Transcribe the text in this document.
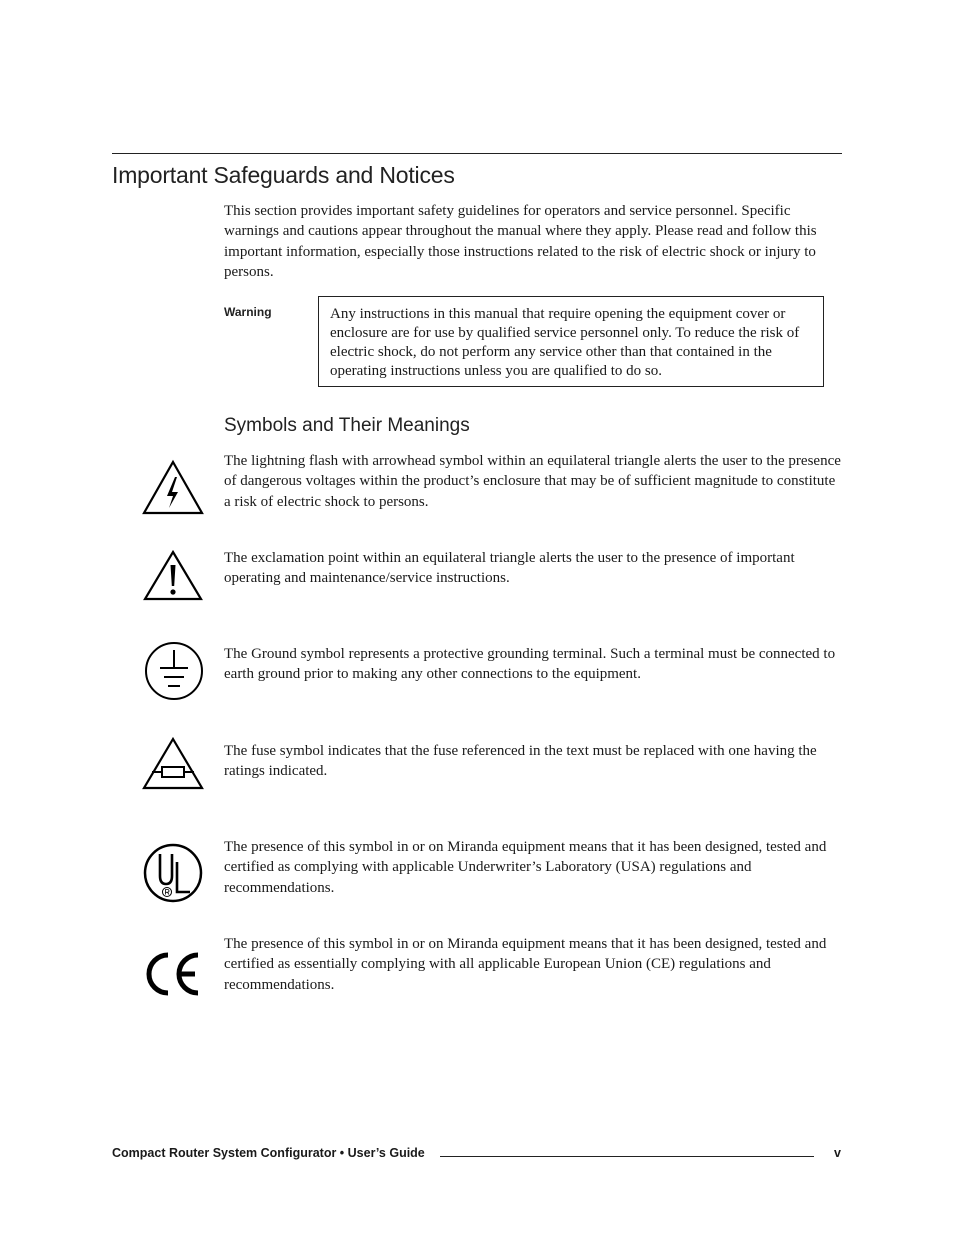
Important Safeguards and Notices

This section provides important safety guidelines for operators and service personnel. Specific warnings and cautions appear throughout the manual where they apply. Please read and follow this important information, especially those instructions related to the risk of electric shock or injury to persons.

Warning	Any instructions in this manual that require opening the equipment cover or enclosure are for use by qualified service personnel only. To reduce the risk of electric shock, do not perform any service other than that contained in the operating instructions unless you are qualified to do so.
Symbols and Their Meanings

The lightning flash with arrowhead symbol within an equilateral triangle alerts the user to the presence of dangerous voltages within the product’s enclosure that may be of sufficient magnitude to constitute a risk of electric shock to persons.

The exclamation point within an equilateral triangle alerts the user to the presence of important operating and maintenance/service instructions.

The Ground symbol represents a protective grounding terminal. Such a terminal must be connected to earth ground prior to making any other connections to the equipment.

The fuse symbol indicates that the fuse referenced in the text must be replaced with one having the ratings indicated.

The presence of this symbol in or on Miranda equipment means that it has been designed, tested and certified as complying with applicable Underwriter’s Laboratory (USA) regulations and recommendations.

The presence of this symbol in or on Miranda equipment means that it has been designed, tested and certified as essentially complying with all applicable European Union (CE) regulations and recommendations.

Compact Router System Configurator • User’s Guide	v
